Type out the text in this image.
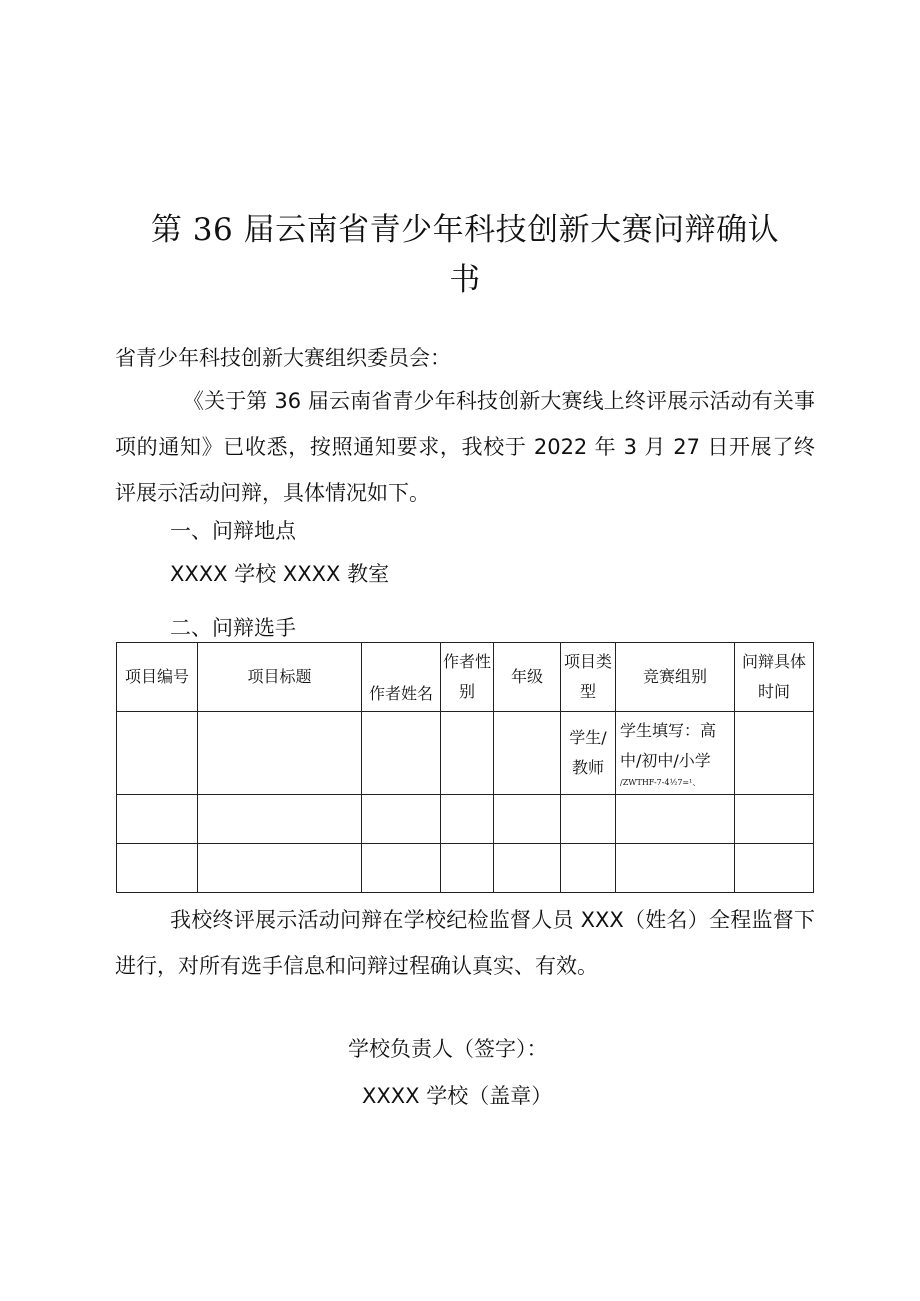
第 36 届云南省青少年科技创新大赛问辩确认书
省青少年科技创新大赛组织委员会：
《关于第 36 届云南省青少年科技创新大赛线上终评展示活动有关事项的通知》已收悉，按照通知要求，我校于 2022 年 3 月 27 日开展了终评展示活动问辩，具体情况如下。
一、问辩地点
XXXX 学校 XXXX 教室
二、问辩选手
项目编号	项目标题	作者姓名	作者性别	年级	项目类型	竞赛组别	问辩具体时间
					学生/教师	学生填写：高中/初中/小学
/ZWTHF-7-4½7=¹、	

我校终评展示活动问辩在学校纪检监督人员 XXX（姓名）全程监督下进行，对所有选手信息和问辩过程确认真实、有效。
学校负责人（签字）：
XXXX 学校（盖章）
